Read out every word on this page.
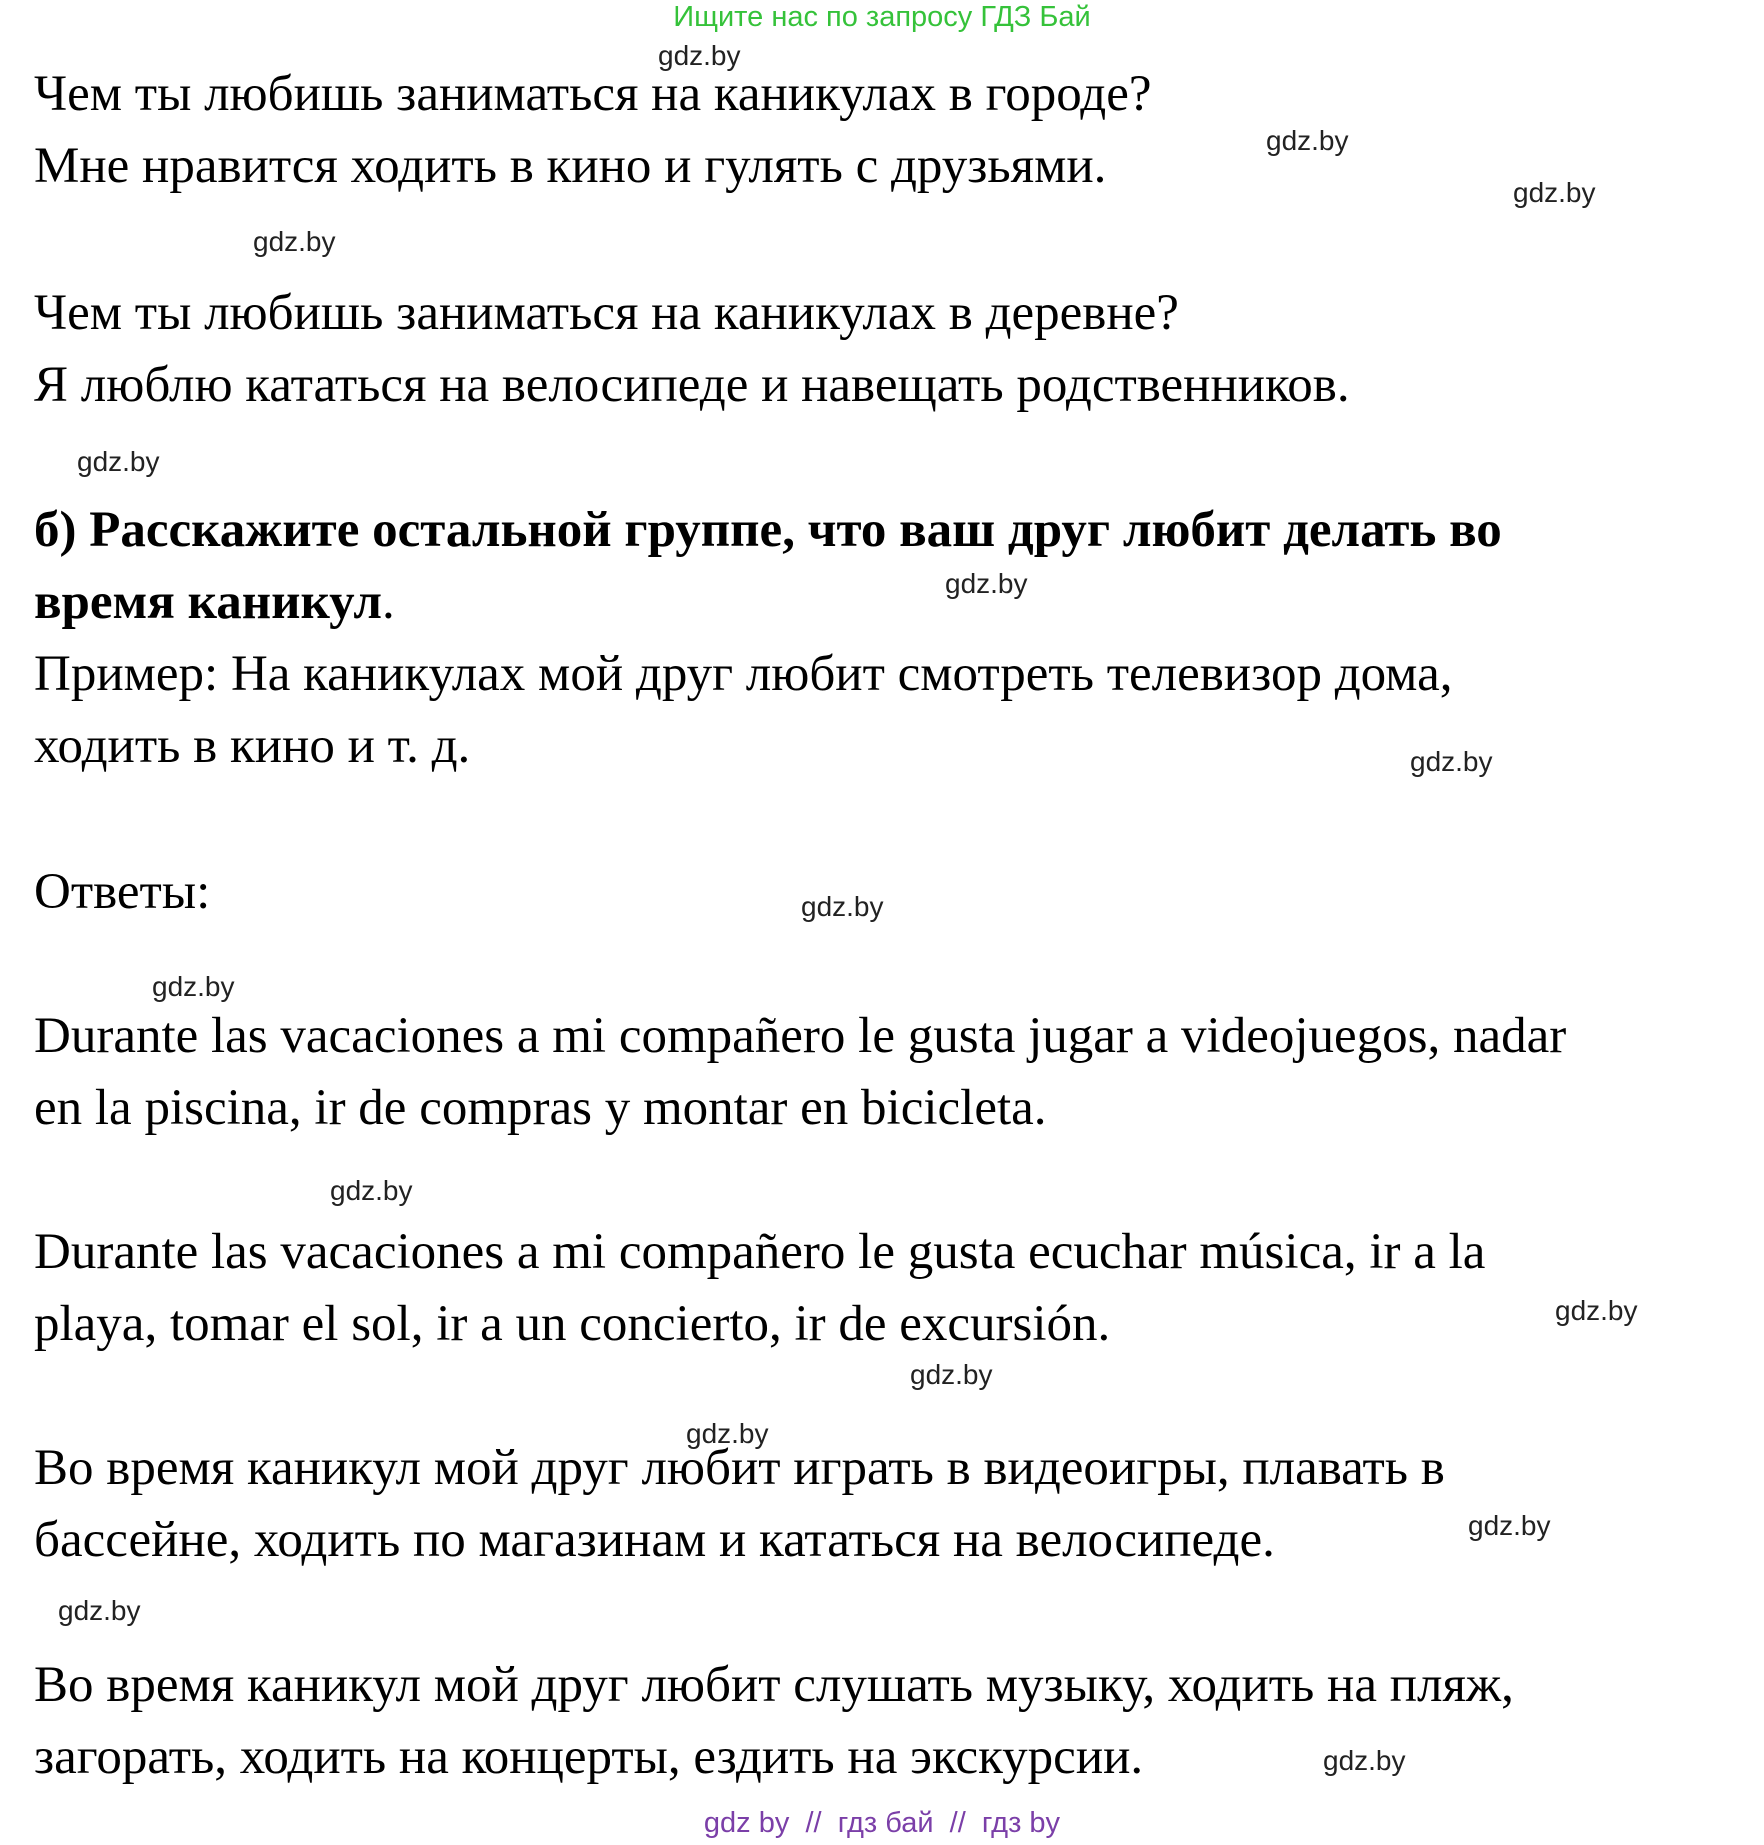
Ищите нас по запросу ГДЗ Бай

Чем ты любишь заниматься на каникулах в городе?
Мне нравится ходить в кино и гулять с друзьями.

Чем ты любишь заниматься на каникулах в деревне?
Я люблю кататься на велосипеде и навещать родственников.

б) Расскажите остальной группе, что ваш друг любит делать во
время каникул.

Пример: На каникулах мой друг любит смотреть телевизор дома,
ходить в кино и т. д.

Ответы:

Durante las vacaciones a mi compañero le gusta jugar a videojuegos, nadar
en la piscina, ir de compras y montar en bicicleta.

Durante las vacaciones a mi compañero le gusta ecuchar música, ir a la
playa, tomar el sol, ir a un concierto, ir de excursión.

Во время каникул мой друг любит играть в видеоигры, плавать в
бассейне, ходить по магазинам и кататься на велосипеде.

Во время каникул мой друг любит слушать музыку, ходить на пляж,
загорать, ходить на концерты, ездить на экскурсии.

gdz.by
gdz.by
gdz.by
gdz.by
gdz.by
gdz.by
gdz.by
gdz.by
gdz.by
gdz.by
gdz.by
gdz.by
gdz.by
gdz.by
gdz.by
gdz.by
gdz by  //  гдз бай  //  гдз by
